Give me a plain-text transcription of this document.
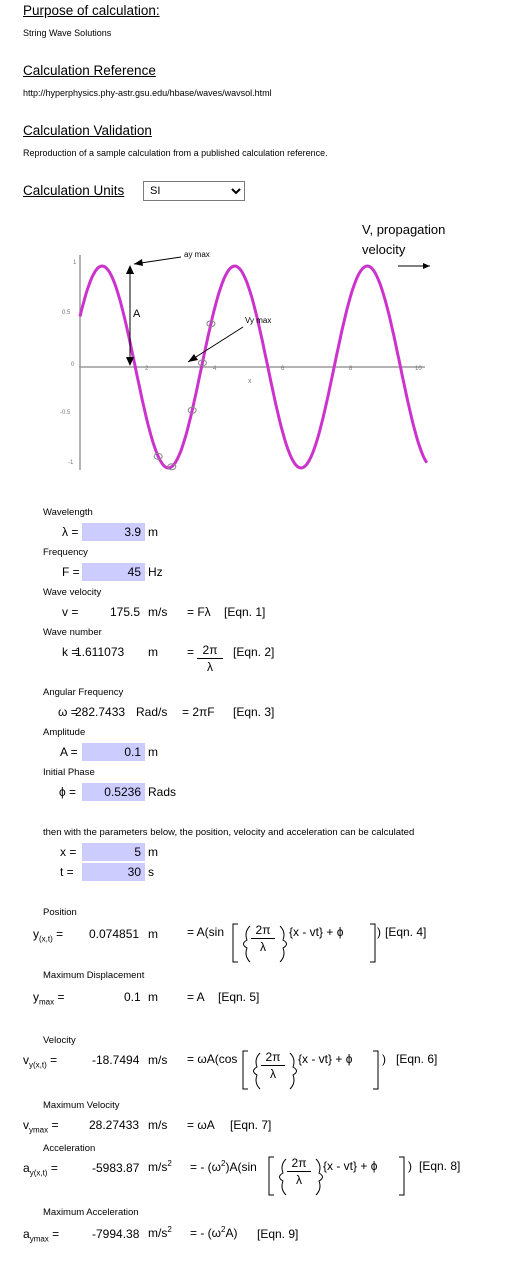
Purpose of calculation:
String Wave Solutions
Calculation Reference
http://hyperphysics.phy-astr.gsu.edu/hbase/waves/wavsol.html
Calculation Validation
Reproduction of a sample calculation from a published calculation reference.
Calculation Units
SI
1
0.5
0
-0.5
-1
2	4	6	8	10
x
ay max
Vy max
A
V, propagation
velocity
Wavelength
λ =	3.9 m
Frequency
F =	45 Hz
Wave velocity
v =	175.5 m/s = Fλ [Eqn. 1]
Wave number
k =
1.611073 m = 2π
λ
[Eqn. 2]
Angular Frequency
ω =
282.7433 Rad/s = 2πF [Eqn. 3]
Amplitude
A =	0.1 m
Initial Phase
ϕ = 0.5236 Rads
then with the parameters below, the position, velocity and acceleration can be calculated
x =	5 m
t =	30 s
Position
$y_{(x,t)} = 0.074851$ m = A(sin	2π
λ
{x - vt} + ϕ	) [Eqn. 4]
Maximum Displacement
$y_{max}$ =	0.1 m = A [Eqn. 5]
Velocity
$v_{y(x,t)}$ =	-18.7494 m/s = ωA(cos	2π
λ
{x - vt} + ϕ ) [Eqn. 6]
Maximum Velocity
$v_{ymax}$ =	28.27433 m/s = ωA [Eqn. 7]
Acceleration
$a_{y(x,t)}$ =	-5983.87 $m/s^2$ = - $(\omega^2)A(\sin$	2π
λ
{x - vt} + ϕ	) [Eqn. 8]
Maximum Acceleration
$a_{ymax}$ =	-7994.38 $m/s^2$ = - $(\omega^2A)$ [Eqn. 9]
